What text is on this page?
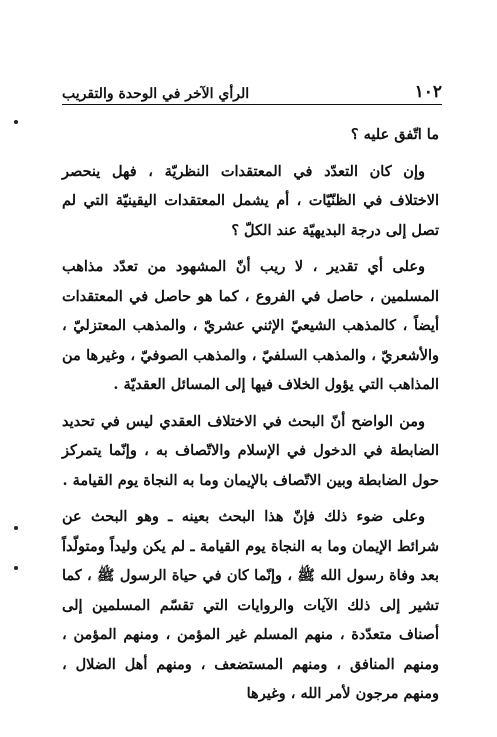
١٠٢
الرأي الآخر في الوحدة والتقريب

ما اتّفق عليه ؟

وإن كان التعدّد في المعتقدات النظريّة ، فهل ينحصر الاختلاف في الظنّيّات ، أم يشمل المعتقدات اليقينيّة التي لم تصل إلى درجة البديهيّة عند الكلّ ؟

وعلى أي تقدير ، لا ريب أنّ المشهود من تعدّد مذاهب المسلمين ، حاصل في الفروع ، كما هو حاصل في المعتقدات أيضاً ، كالمذهب الشيعيّ الإثني عشريّ ، والمذهب المعتزليّ ، والأشعريّ ، والمذهب السلفيّ ، والمذهب الصوفيّ ، وغيرها من المذاهب التي يؤول الخلاف فيها إلى المسائل العقديّة .

ومن الواضح أنّ البحث في الاختلاف العقدي ليس في تحديد الضابطة في الدخول في الإسلام والاتّصاف به ، وإنّما يتمركز حول الضابطة وبين الاتّصاف بالإيمان وما به النجاة يوم القيامة .

وعلى ضوء ذلك فإنّ هذا البحث بعينه ـ وهو البحث عن شرائط الإيمان وما به النجاة يوم القيامة ـ لم يكن وليداً ومتولّداً بعد وفاة رسول الله ﷺ ، وإنّما كان في حياة الرسول ﷺ ، كما تشير إلى ذلك الآيات والروايات التي تقسّم المسلمين إلى أصناف متعدّدة ، منهم المسلم غير المؤمن ، ومنهم المؤمن ، ومنهم المنافق ، ومنهم المستضعف ، ومنهم أهل الضلال ، ومنهم مرجون لأمر الله ، وغيرها
